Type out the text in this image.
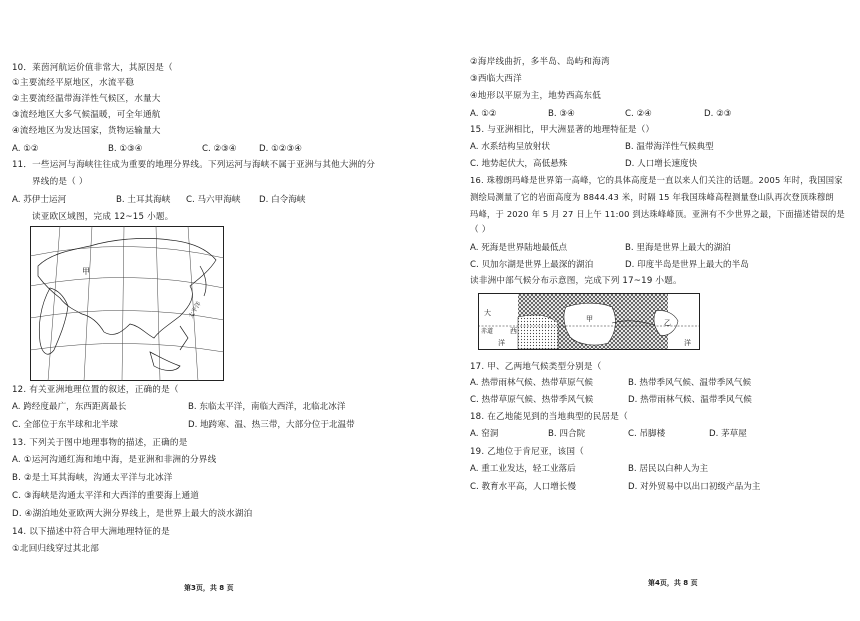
10．莱茵河航运价值非常大，其原因是（
①主要流经平原地区，水流平稳
②主要流经温带海洋性气候区，水量大
③流经地区大多气候温暖，可全年通航
④流经地区为发达国家，货物运输量大
A. ①②	B. ①③④	C. ②③④	D. ①②③④
11．一些运河与海峡往往成为重要的地理分界线。下列运河与海峡不属于亚洲与其他大洲的分
界线的是（ ）
A. 苏伊士运河	B. 土耳其海峡 C. 马六甲海峡 D. 白令海峡
读亚欧区域图，完成 12~15 小题。
甲
太平洋
12. 有关亚洲地理位置的叙述，正确的是（
A. 跨经度最广，东西距离最长	B. 东临太平洋，南临大西洋，北临北冰洋
C. 全部位于东半球和北半球	D. 地跨寒、温、热三带，大部分位于北温带
13. 下列关于图中地理事物的描述，正确的是
A. ①运河沟通红海和地中海，是亚洲和非洲的分界线
B. ②是土耳其海峡，沟通太平洋与北冰洋
C. ③海峡是沟通太平洋和大西洋的重要海上通道
D. ④湖泊地处亚欧两大洲分界线上，是世界上最大的淡水湖泊
14. 以下描述中符合甲大洲地理特征的是
①北回归线穿过其北部
第3页，共 8 页
②海岸线曲折，多半岛、岛屿和海湾
③西临大西洋
④地形以平原为主，地势西高东低
A. ①②	B. ③④	C. ②④	D. ②③
15. 与亚洲相比，甲大洲显著的地理特征是（）
A. 水系结构呈放射状	B. 温带海洋性气候典型
C. 地势起伏大，高低悬殊	D. 人口增长速度快
16. 珠穆朗玛峰是世界第一高峰，它的具体高度是一直以来人们关注的话题。2005 年时，我国国家
测绘局测量了它的岩面高度为 8844.43 米，时隔 15 年我国珠峰高程测量登山队再次登顶珠穆朗
玛峰，于 2020 年 5 月 27 日上午 11:00 到达珠峰峰顶。亚洲有不少世界之最，下面描述错误的是
（ ）
A. 死海是世界陆地最低点	B. 里海是世界上最大的湖泊
C. 贝加尔湖是世界上最深的湖泊	D. 印度半岛是世界上最大的半岛
读非洲中部气候分布示意图，完成下列 17~19 小题。
大
西
赤道
甲
乙
洋	洋
17. 甲、乙两地气候类型分别是（
A. 热带雨林气候、热带草原气候	B. 热带季风气候、温带季风气候
C. 热带草原气候、热带季风气候	D. 热带雨林气候、温带季风气候
18. 在乙地能见到的当地典型的民居是（
A. 窑洞	B. 四合院	C. 吊脚楼	D. 茅草屋
19. 乙地位于肯尼亚，该国（
A. 重工业发达，轻工业落后	B. 居民以白种人为主
C. 教育水平高，人口增长慢	D. 对外贸易中以出口初级产品为主
第4页，共 8 页
